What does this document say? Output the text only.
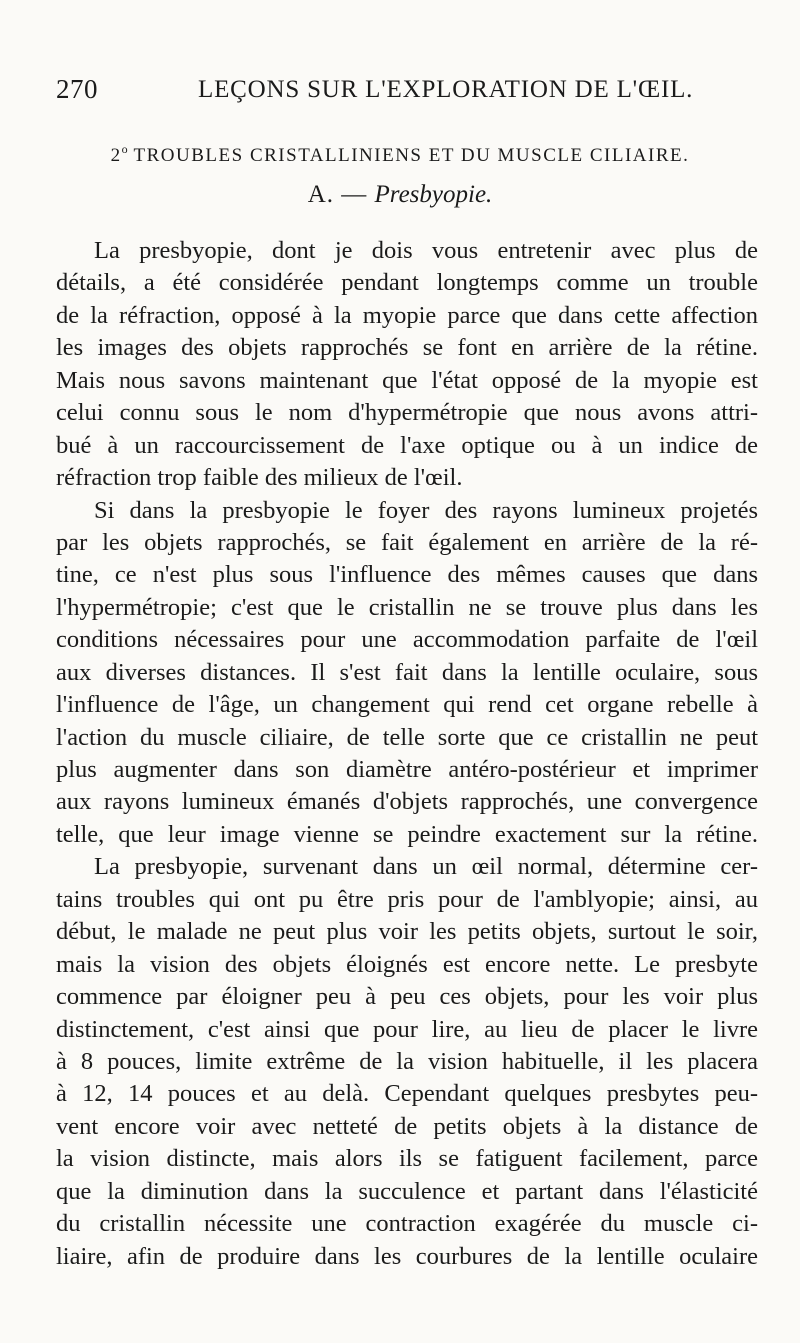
270	LEÇONS SUR L'EXPLORATION DE L'ŒIL.
2$^o$ TROUBLES CRISTALLINIENS ET DU MUSCLE CILIAIRE.
A. — Presbyopie.
La presbyopie, dont je dois vous entretenir avec plus de
détails, a été considérée pendant longtemps comme un trouble
de la réfraction, opposé à la myopie parce que dans cette affection
les images des objets rapprochés se font en arrière de la rétine.
Mais nous savons maintenant que l'état opposé de la myopie est
celui connu sous le nom d'hypermétropie que nous avons attri-
bué à un raccourcissement de l'axe optique ou à un indice de
réfraction trop faible des milieux de l'œil.
Si dans la presbyopie le foyer des rayons lumineux projetés
par les objets rapprochés, se fait également en arrière de la ré-
tine, ce n'est plus sous l'influence des mêmes causes que dans
l'hypermétropie; c'est que le cristallin ne se trouve plus dans les
conditions nécessaires pour une accommodation parfaite de l'œil
aux diverses distances. Il s'est fait dans la lentille oculaire, sous
l'influence de l'âge, un changement qui rend cet organe rebelle à
l'action du muscle ciliaire, de telle sorte que ce cristallin ne peut
plus augmenter dans son diamètre antéro-postérieur et imprimer
aux rayons lumineux émanés d'objets rapprochés, une convergence
telle, que leur image vienne se peindre exactement sur la rétine.
La presbyopie, survenant dans un œil normal, détermine cer-
tains troubles qui ont pu être pris pour de l'amblyopie; ainsi, au
début, le malade ne peut plus voir les petits objets, surtout le soir,
mais la vision des objets éloignés est encore nette. Le presbyte
commence par éloigner peu à peu ces objets, pour les voir plus
distinctement, c'est ainsi que pour lire, au lieu de placer le livre
à 8 pouces, limite extrême de la vision habituelle, il les placera
à 12, 14 pouces et au delà. Cependant quelques presbytes peu-
vent encore voir avec netteté de petits objets à la distance de
la vision distincte, mais alors ils se fatiguent facilement, parce
que la diminution dans la succulence et partant dans l'élasticité
du cristallin nécessite une contraction exagérée du muscle ci-
liaire, afin de produire dans les courbures de la lentille oculaire
